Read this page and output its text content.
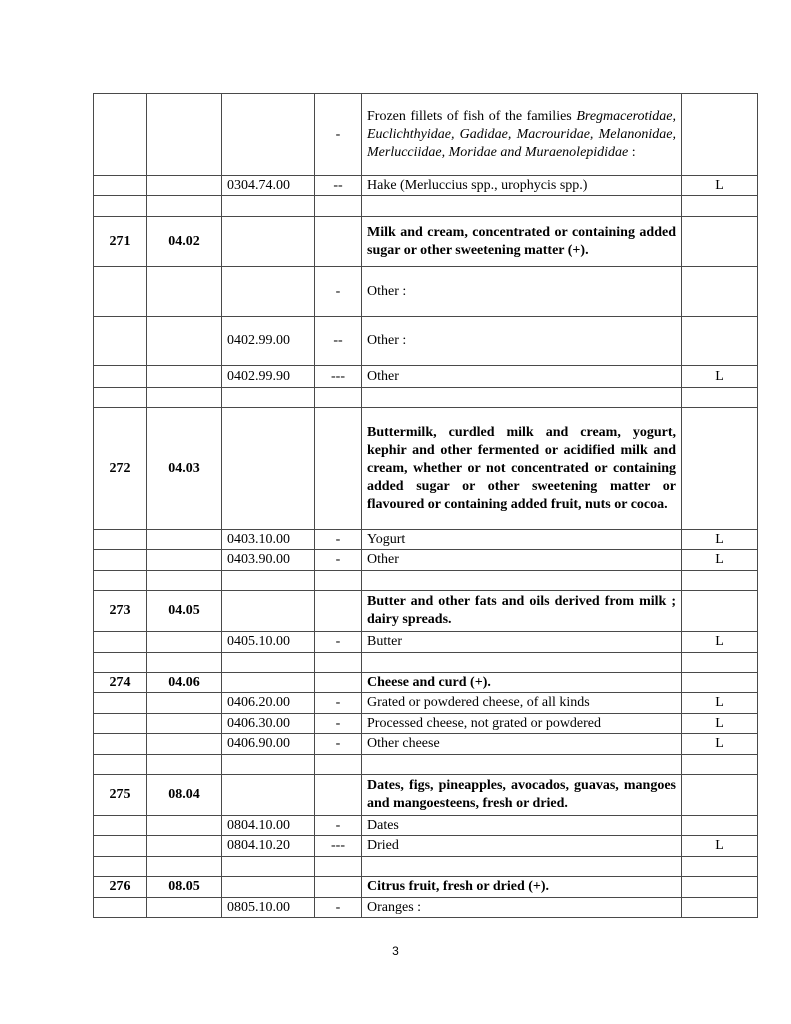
			-	Frozen fillets of fish of the families Bregmacerotidae, Euclichthyidae, Gadidae, Macrouridae, Melanonidae, Merlucciidae, Moridae and Muraenolepididae :	
		0304.74.00	--	Hake (Merluccius spp., urophycis spp.)	L

271	04.02			Milk and cream, concentrated or containing added sugar or other sweetening matter (+).	
			-	Other :	
		0402.99.00	--	Other :	
		0402.99.90	---	Other	L

272	04.03			Buttermilk, curdled milk and cream, yogurt, kephir and other fermented or acidified milk and cream, whether or not concentrated or containing added sugar or other sweetening matter or flavoured or containing added fruit, nuts or cocoa.	
		0403.10.00	-	Yogurt	L
		0403.90.00	-	Other	L

273	04.05			Butter and other fats and oils derived from milk ; dairy spreads.	
		0405.10.00	-	Butter	L

274	04.06			Cheese and curd (+).	
		0406.20.00	-	Grated or powdered cheese, of all kinds	L
		0406.30.00	-	Processed cheese, not grated or powdered	L
		0406.90.00	-	Other cheese	L

275	08.04			Dates, figs, pineapples, avocados, guavas, mangoes and mangoesteens, fresh or dried.	
		0804.10.00	-	Dates	
		0804.10.20	---	Dried	L

276	08.05			Citrus fruit, fresh or dried (+).	
		0805.10.00	-	Oranges :	
3
